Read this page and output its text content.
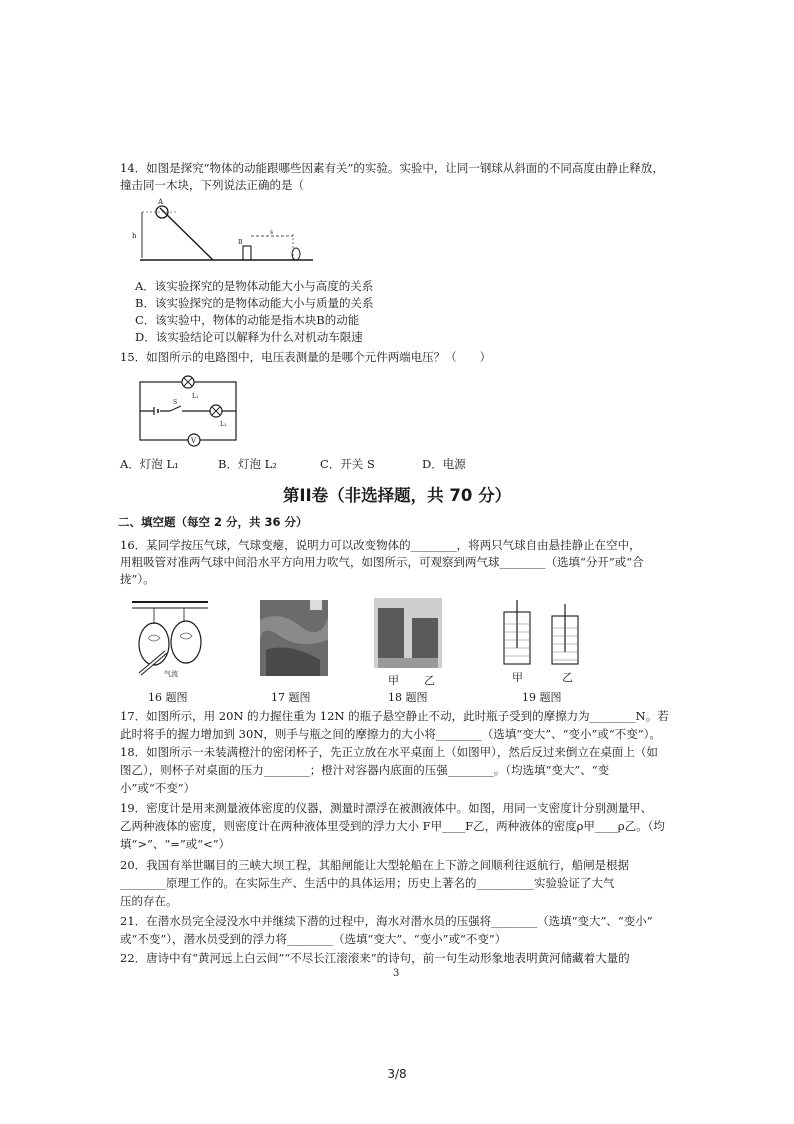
14．如图是探究“物体的动能跟哪些因素有关”的实验。实验中，让同一钢球从斜面的不同高度由静止释放，
撞击同一木块，下列说法正确的是（
A
h
B
s
A．该实验探究的是物体动能大小与高度的关系
B．该实验探究的是物体动能大小与质量的关系
C．该实验中，物体的动能是指木块B的动能
D．该实验结论可以解释为什么对机动车限速
15．如图所示的电路图中，电压表测量的是哪个元件两端电压？（　　）
L₁
S
L₂
V
A．灯泡 L₁	B．灯泡 L₂	C．开关 S	D．电源
第II卷（非选择题，共 70 分）
二、填空题（每空 2 分，共 36 分）
16．某同学按压气球，气球变瘪，说明力可以改变物体的________，将两只气球自由悬挂静止在空中，
用粗吸管对准两气球中间沿水平方向用力吹气，如图所示，可观察到两气球________（选填“分开”或“合
拢”）。
气流	甲 乙	甲	乙
16 题图	17 题图	18 题图	19 题图
17．如图所示，用 20N 的力握住重为 12N 的瓶子悬空静止不动，此时瓶子受到的摩擦力为________N。若
此时将手的握力增加到 30N，则手与瓶之间的摩擦力的大小将________（选填“变大”、“变小”或“不变”）。
18．如图所示一未装满橙汁的密闭杯子，先正立放在水平桌面上（如图甲），然后反过来倒立在桌面上（如
图乙），则杯子对桌面的压力________；橙汁对容器内底面的压强________。（均选填“变大”、“变
小”或“不变”）
19．密度计是用来测量液体密度的仪器，测量时漂浮在被测液体中。如图，用同一支密度计分别测量甲、
乙两种液体的密度，则密度计在两种液体里受到的浮力大小 F甲____F乙，两种液体的密度ρ甲____ρ乙。（均
填“>”、“=”或“<”）
20．我国有举世瞩目的三峡大坝工程，其船闸能让大型轮船在上下游之间顺利往返航行，船闸是根据
________原理工作的。在实际生产、生活中的具体运用；历史上著名的__________实验验证了大气
压的存在。
21．在潜水员完全浸没水中并继续下潜的过程中，海水对潜水员的压强将________（选填“变大”、“变小”
或“不变”），潜水员受到的浮力将________（选填“变大”、“变小”或“不变”）
22．唐诗中有“黄河远上白云间”“不尽长江滚滚来”的诗句，前一句生动形象地表明黄河储藏着大量的
3
3/8
